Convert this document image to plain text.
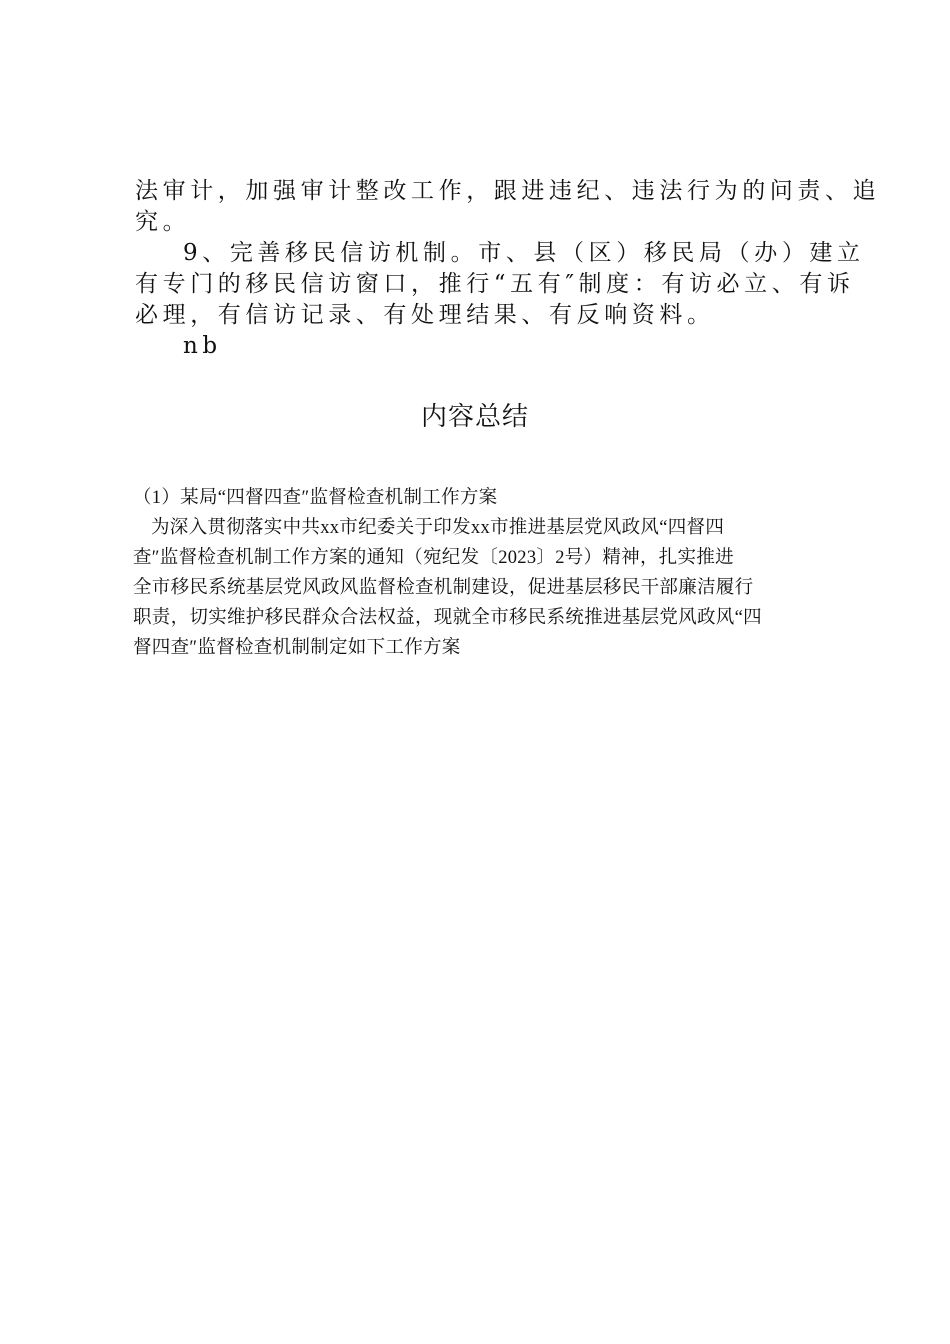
法审计，加强审计整改工作，跟进违纪、违法行为的问责、追

究。

9、完善移民信访机制。市、县（区）移民局（办）建立

有专门的移民信访窗口，推行“五有″制度：有访必立、有诉

必理，有信访记录、有处理结果、有反响资料。

nb

内容总结

（1）某局“四督四查″监督检查机制工作方案

为深入贯彻落实中共xx市纪委关于印发xx市推进基层党风政风“四督四

查″监督检查机制工作方案的通知（宛纪发〔2023〕2号）精神，扎实推进

全市移民系统基层党风政风监督检查机制建设，促进基层移民干部廉洁履行

职责，切实维护移民群众合法权益，现就全市移民系统推进基层党风政风“四

督四查″监督检查机制制定如下工作方案
